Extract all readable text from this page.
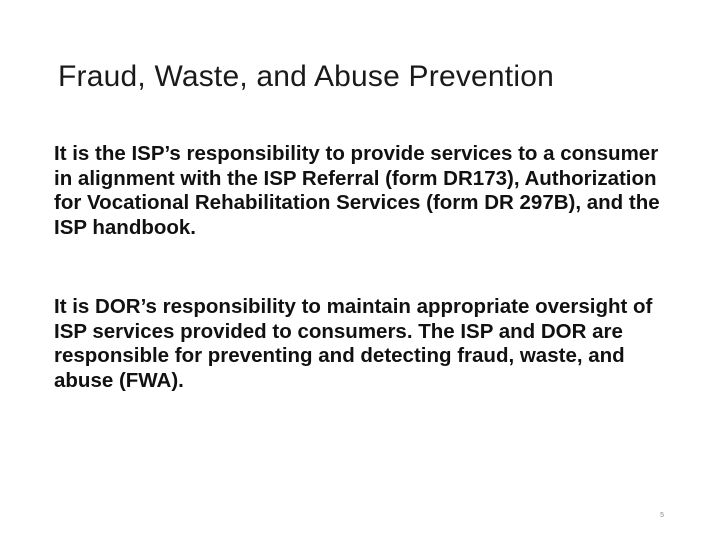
Fraud, Waste, and Abuse Prevention

It is the ISP’s responsibility to provide services to a consumer in alignment with the ISP Referral (form DR173), Authorization for Vocational Rehabilitation Services (form DR 297B), and the ISP handbook.

It is DOR’s responsibility to maintain appropriate oversight of ISP services provided to consumers. The ISP and DOR are responsible for preventing and detecting fraud, waste, and abuse (FWA).

5
